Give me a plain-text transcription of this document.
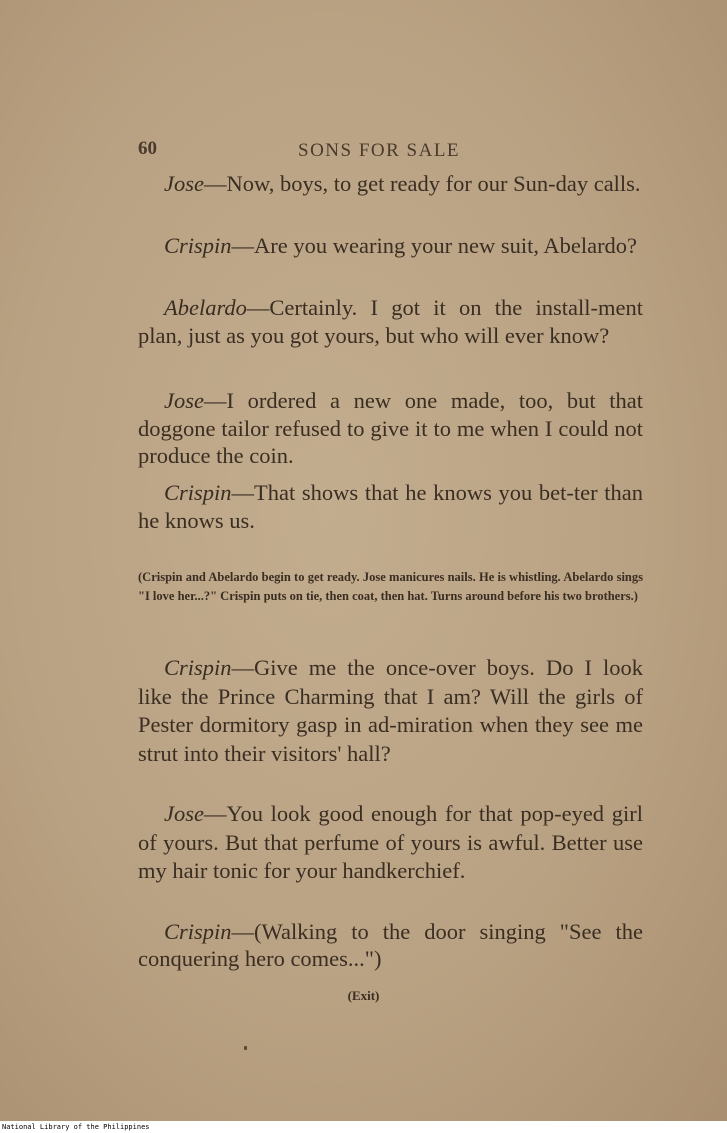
60	SONS FOR SALE

Jose—Now, boys, to get ready for our Sun-day calls.

Crispin—Are you wearing your new suit, Abelardo?

Abelardo—Certainly. I got it on the install-ment plan, just as you got yours, but who will ever know?

Jose—I ordered a new one made, too, but that doggone tailor refused to give it to me when I could not produce the coin.

Crispin—That shows that he knows you bet-ter than he knows us.

(Crispin and Abelardo begin to get ready. Jose manicures nails. He is whistling. Abelardo sings "I love her...?" Crispin puts on tie, then coat, then hat. Turns around before his two brothers.)

Crispin—Give me the once-over boys. Do I look like the Prince Charming that I am? Will the girls of Pester dormitory gasp in ad-miration when they see me strut into their visitors' hall?

Jose—You look good enough for that pop-eyed girl of yours. But that perfume of yours is awful. Better use my hair tonic for your handkerchief.

Crispin—(Walking to the door singing "See the conquering hero comes...")

(Exit)
National Library of the Philippines
